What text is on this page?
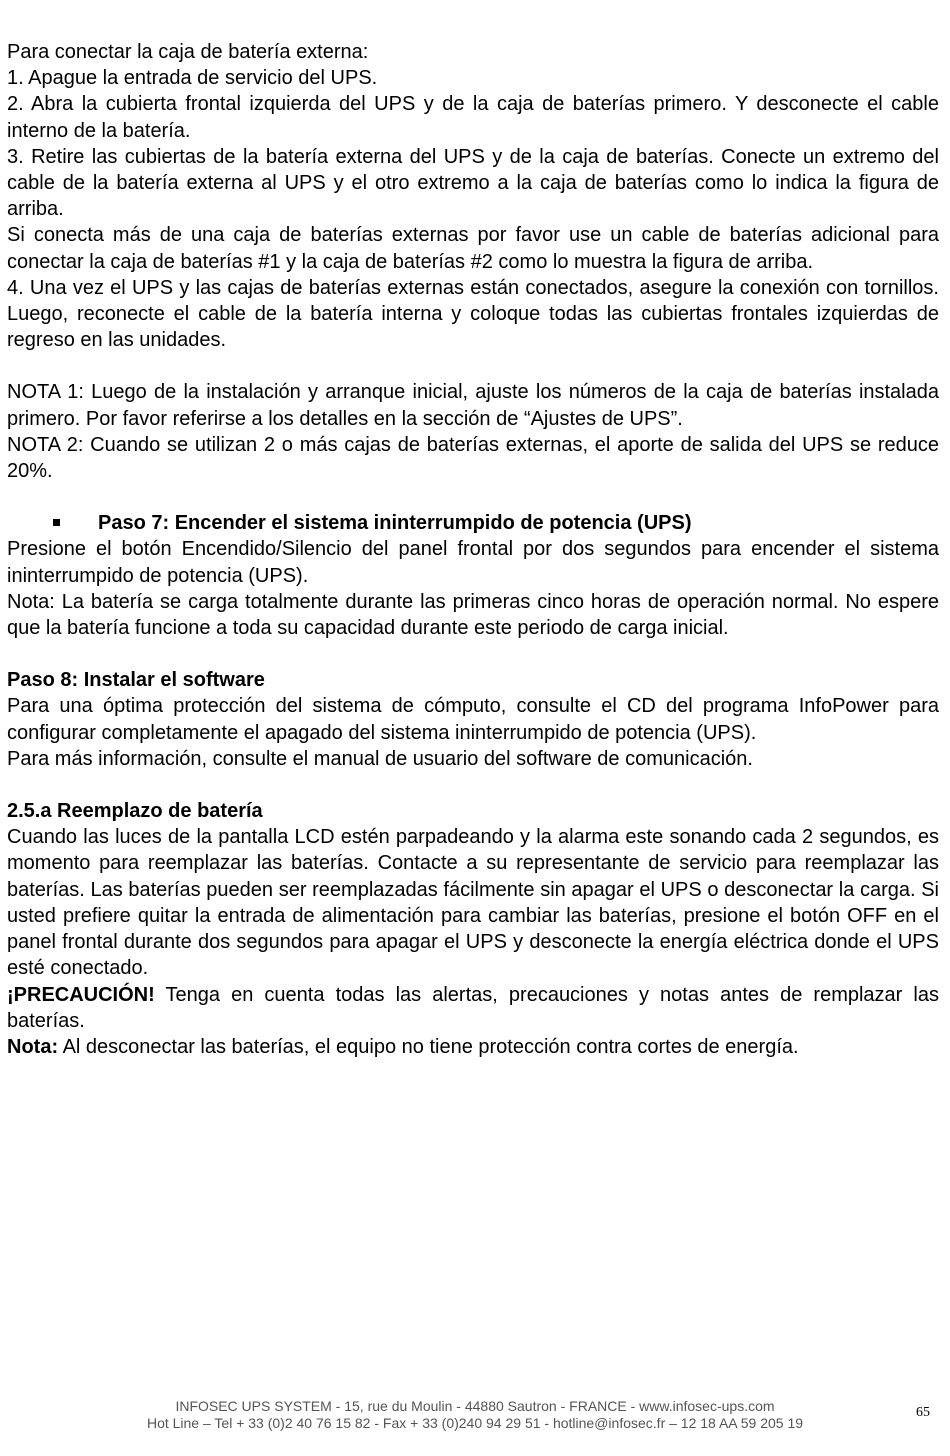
Para conectar la caja de batería externa:

1. Apague la entrada de servicio del UPS.

2. Abra la cubierta frontal izquierda del UPS y de la caja de baterías primero. Y desconecte el cable interno de la batería.

3. Retire las cubiertas de la batería externa del UPS y de la caja de baterías. Conecte un extremo del cable de la batería externa al UPS y el otro extremo a la caja de baterías como lo indica la figura de arriba.

Si conecta más de una caja de baterías externas por favor use un cable de baterías adicional para conectar la caja de baterías #1 y la caja de baterías #2 como lo muestra la figura de arriba.

4. Una vez el UPS y las cajas de baterías externas están conectados, asegure la conexión con tornillos. Luego, reconecte el cable de la batería interna y coloque todas las cubiertas frontales izquierdas de regreso en las unidades.

NOTA 1: Luego de la instalación y arranque inicial, ajuste los números de la caja de baterías instalada primero. Por favor referirse a los detalles en la sección de “Ajustes de UPS”.

NOTA 2: Cuando se utilizan 2 o más cajas de baterías externas, el aporte de salida del UPS se reduce 20%.

Paso 7: Encender el sistema ininterrumpido de potencia (UPS)

Presione el botón Encendido/Silencio del panel frontal por dos segundos para encender el sistema ininterrumpido de potencia (UPS).

Nota: La batería se carga totalmente durante las primeras cinco horas de operación normal. No espere que la batería funcione a toda su capacidad durante este periodo de carga inicial.

Paso 8: Instalar el software

Para una óptima protección del sistema de cómputo, consulte el CD del programa InfoPower para configurar completamente el apagado del sistema ininterrumpido de potencia (UPS).

Para más información, consulte el manual de usuario del software de comunicación.

2.5.a Reemplazo de batería

Cuando las luces de la pantalla LCD estén parpadeando y la alarma este sonando cada 2 segundos, es momento para reemplazar las baterías. Contacte a su representante de servicio para reemplazar las baterías. Las baterías pueden ser reemplazadas fácilmente sin apagar el UPS o desconectar la carga. Si usted prefiere quitar la entrada de alimentación para cambiar las baterías, presione el botón OFF en el panel frontal durante dos segundos para apagar el UPS y desconecte la energía eléctrica donde el UPS esté conectado.

¡PRECAUCIÓN! Tenga en cuenta todas las alertas, precauciones y notas antes de remplazar las baterías.

Nota: Al desconectar las baterías, el equipo no tiene protección contra cortes de energía.

INFOSEC UPS SYSTEM - 15, rue du Moulin - 44880 Sautron - FRANCE - www.infosec-ups.com
Hot Line – Tel + 33 (0)2 40 76 15 82 - Fax + 33 (0)240 94 29 51 - hotline@infosec.fr – 12 18 AA 59 205 19
65
